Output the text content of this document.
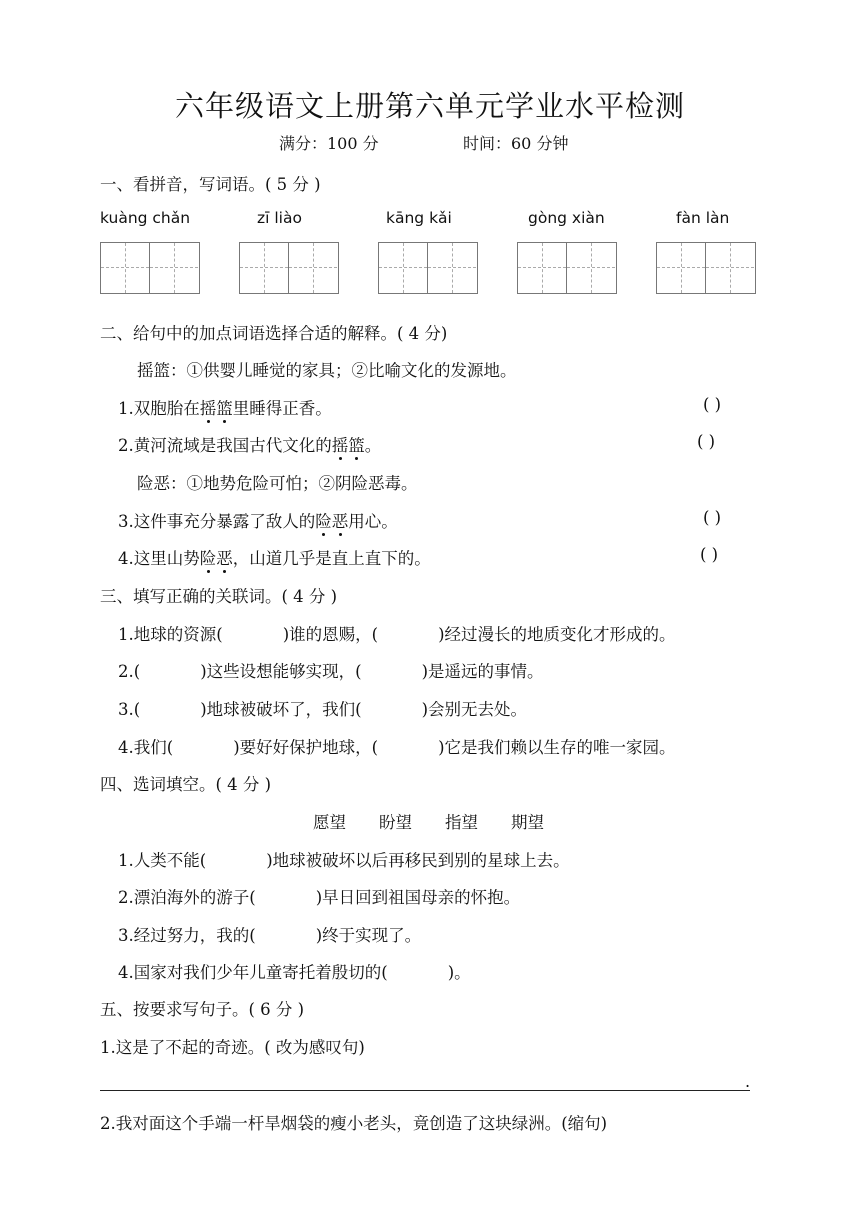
六年级语文上册第六单元学业水平检测
满分：100 分	时间：60 分钟
一、看拼音，写词语。( 5 分 )
kuàng chǎn	zī liào	kāng kǎi	gòng xiàn	fàn làn
二、给句中的加点词语选择合适的解释。( 4 分)
摇篮：①供婴儿睡觉的家具；②比喻文化的发源地。
1.双胞胎在摇篮里睡得正香。	( )
2.黄河流域是我国古代文化的摇篮。	( )
险恶：①地势危险可怕；②阴险恶毒。
3.这件事充分暴露了敌人的险恶用心。	( )
4.这里山势险恶，山道几乎是直上直下的。	( )
三、填写正确的关联词。( 4 分 )
1.地球的资源(	)谁的恩赐，(	)经过漫长的地质变化才形成的。
2.(	)这些设想能够实现，(	)是遥远的事情。
3.(	)地球被破坏了，我们(	)会别无去处。
4.我们(	)要好好保护地球，(	)它是我们赖以生存的唯一家园。
四、选词填空。( 4 分 )
愿望 盼望 指望 期望
1.人类不能(	)地球被破坏以后再移民到别的星球上去。
2.漂泊海外的游子(	)早日回到祖国母亲的怀抱。
3.经过努力，我的(	)终于实现了。
4.国家对我们少年儿童寄托着殷切的(	)。
五、按要求写句子。( 6 分 )
1.这是了不起的奇迹。( 改为感叹句)
.
2.我对面这个手端一杆旱烟袋的瘦小老头，竟创造了这块绿洲。(缩句)
